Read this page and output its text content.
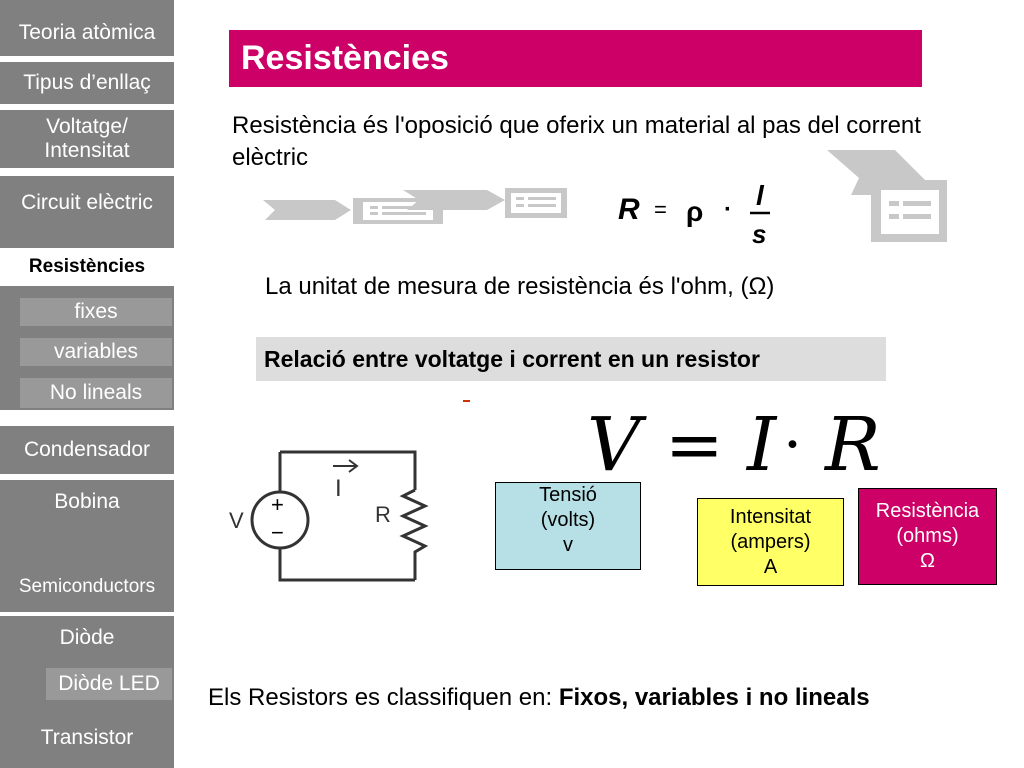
Teoria atòmica
Tipus d’enllaç
Voltatge/
Intensitat
Circuit elèctric
Resistències
fixes
variables
No lineals
Condensador
Bobina
Semiconductors
Diòde
Diòde LED
Transistor
Resistències
Resistència és l'oposició que oferix un material al pas del corrent elèctric
R = ρ · l
s
La unitat de mesura de resistència és l'ohm, (Ω)
Relació entre voltatge i corrent en un resistor
V = I · R
+
−
V	R
I	Tensió
(volts)
v
Intensitat
(ampers)
A
Resistència
(ohms)
Ω
Els Resistors es classifiquen en: Fixos, variables i no lineals
